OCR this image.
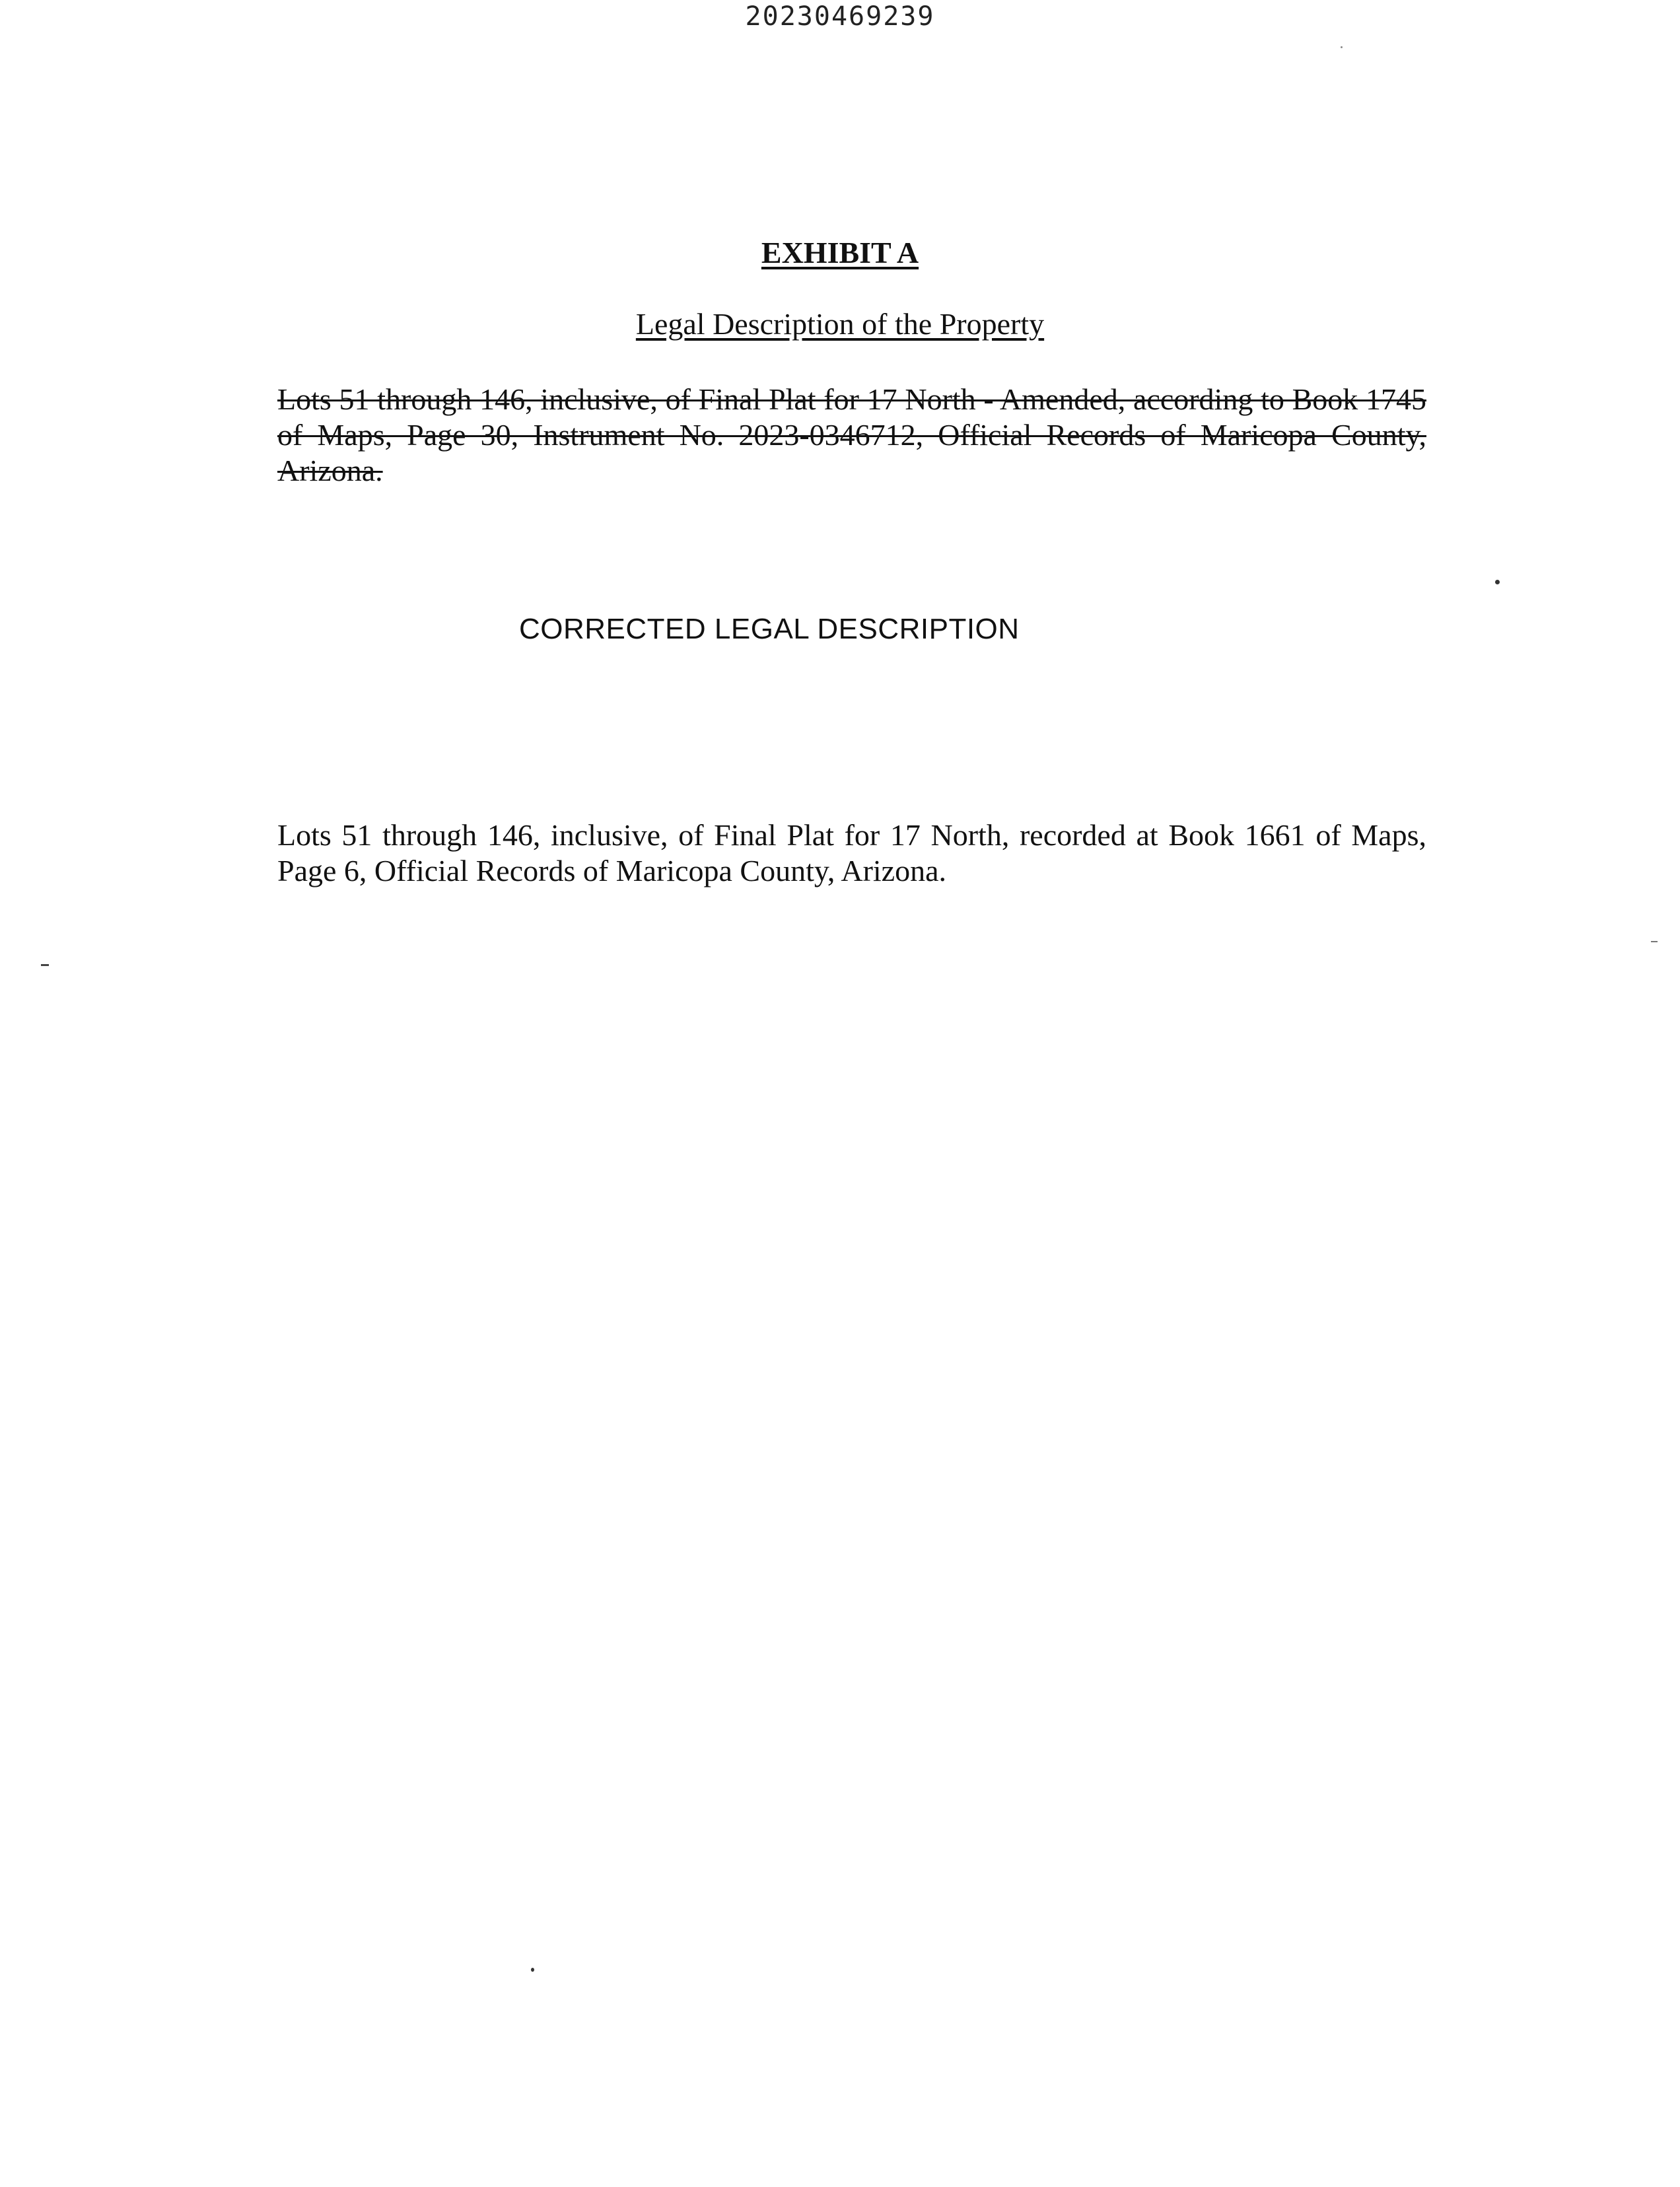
20230469239
EXHIBIT A
Legal Description of the Property
Lots 51 through 146, inclusive, of Final Plat for 17 North - Amended, according to Book 1745 of Maps, Page 30, Instrument No. 2023-0346712, Official Records of Maricopa County, Arizona.
CORRECTED LEGAL DESCRIPTION
Lots 51 through 146, inclusive, of Final Plat for 17 North, recorded at Book 1661 of Maps, Page 6, Official Records of Maricopa County, Arizona.
